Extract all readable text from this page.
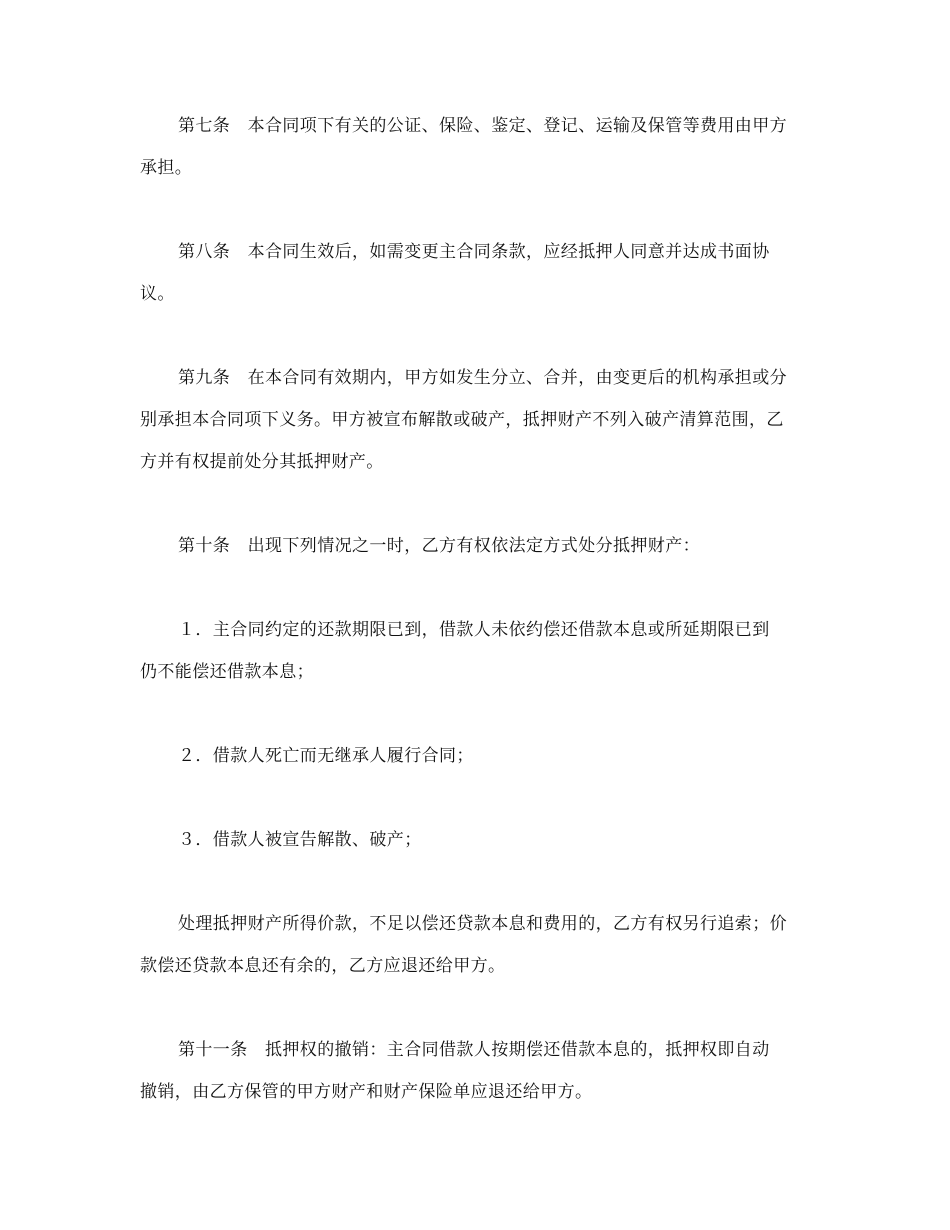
第七条　本合同项下有关的公证、保险、鉴定、登记、运输及保管等费用由甲方
承担。
第八条　本合同生效后，如需变更主合同条款，应经抵押人同意并达成书面协
议。
第九条　在本合同有效期内，甲方如发生分立、合并，由变更后的机构承担或分
别承担本合同项下义务。甲方被宣布解散或破产，抵押财产不列入破产清算范围，乙
方并有权提前处分其抵押财产。
第十条　出现下列情况之一时，乙方有权依法定方式处分抵押财产：
１．主合同约定的还款期限已到，借款人未依约偿还借款本息或所延期限已到
仍不能偿还借款本息；
２．借款人死亡而无继承人履行合同；
３．借款人被宣告解散、破产；
处理抵押财产所得价款，不足以偿还贷款本息和费用的，乙方有权另行追索；价
款偿还贷款本息还有余的，乙方应退还给甲方。
第十一条　抵押权的撤销：主合同借款人按期偿还借款本息的，抵押权即自动
撤销，由乙方保管的甲方财产和财产保险单应退还给甲方。
